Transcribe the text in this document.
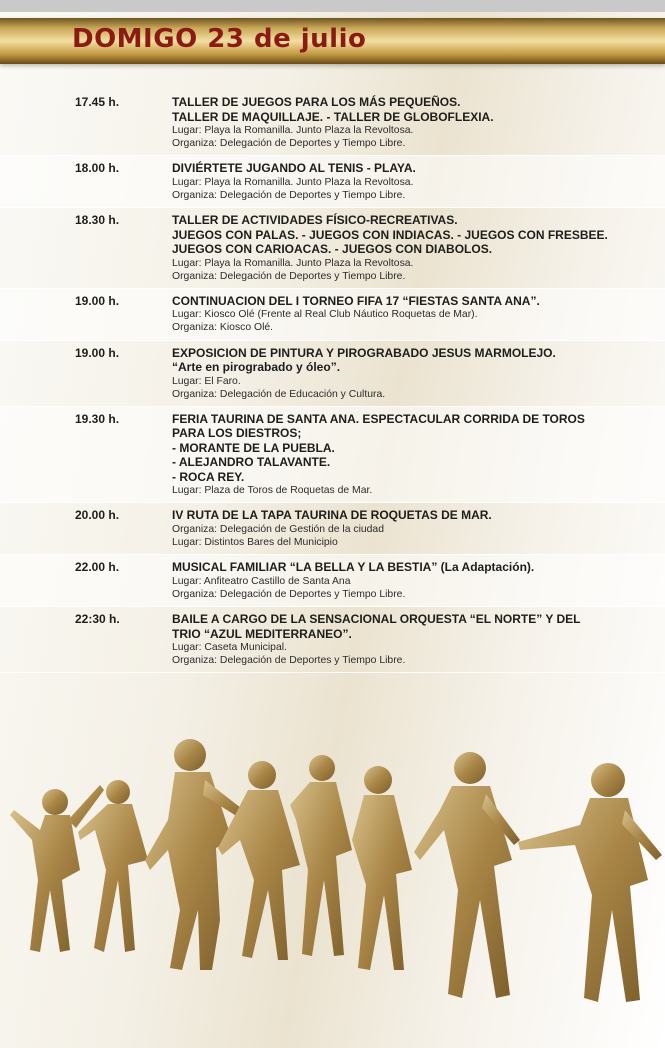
DOMIGO 23 de julio
17.45 h.	TALLER DE JUEGOS PARA LOS MÁS PEQUEÑOS.
TALLER DE MAQUILLAJE. - TALLER DE GLOBOFLEXIA.
Lugar: Playa la Romanilla. Junto Plaza la Revoltosa.
Organiza: Delegación de Deportes y Tiempo Libre.
18.00 h.	DIVIÉRTETE JUGANDO AL TENIS - PLAYA.
Lugar: Playa la Romanilla. Junto Plaza la Revoltosa.
Organiza: Delegación de Deportes y Tiempo Libre.
18.30 h.	TALLER DE ACTIVIDADES FÍSICO-RECREATIVAS.
JUEGOS CON PALAS. - JUEGOS CON INDIACAS. - JUEGOS CON FRESBEE.
JUEGOS CON CARIOACAS. - JUEGOS CON DIABOLOS.
Lugar: Playa la Romanilla. Junto Plaza la Revoltosa.
Organiza: Delegación de Deportes y Tiempo Libre.
19.00 h.	CONTINUACION DEL I TORNEO FIFA 17 “FIESTAS SANTA ANA”.
Lugar: Kiosco Olé (Frente al Real Club Náutico Roquetas de Mar).
Organiza: Kiosco Olé.
19.00 h.	EXPOSICION DE PINTURA Y PIROGRABADO JESUS MARMOLEJO.
“Arte en pirograbado y óleo”.
Lugar: El Faro.
Organiza: Delegación de Educación y Cultura.
19.30 h.	FERIA TAURINA DE SANTA ANA. ESPECTACULAR CORRIDA DE TOROS
PARA LOS DIESTROS;
- MORANTE DE LA PUEBLA.
- ALEJANDRO TALAVANTE.
- ROCA REY.
Lugar: Plaza de Toros de Roquetas de Mar.
20.00 h.	IV RUTA DE LA TAPA TAURINA DE ROQUETAS DE MAR.
Organiza: Delegación de Gestión de la ciudad
Lugar: Distintos Bares del Municipio
22.00 h.	MUSICAL FAMILIAR “LA BELLA Y LA BESTIA” (La Adaptación).
Lugar: Anfiteatro Castillo de Santa Ana
Organiza: Delegación de Deportes y Tiempo Libre.
22:30 h.	BAILE A CARGO DE LA SENSACIONAL ORQUESTA “EL NORTE” Y DEL
TRIO “AZUL MEDITERRANEO”.
Lugar: Caseta Municipal.
Organiza: Delegación de Deportes y Tiempo Libre.
